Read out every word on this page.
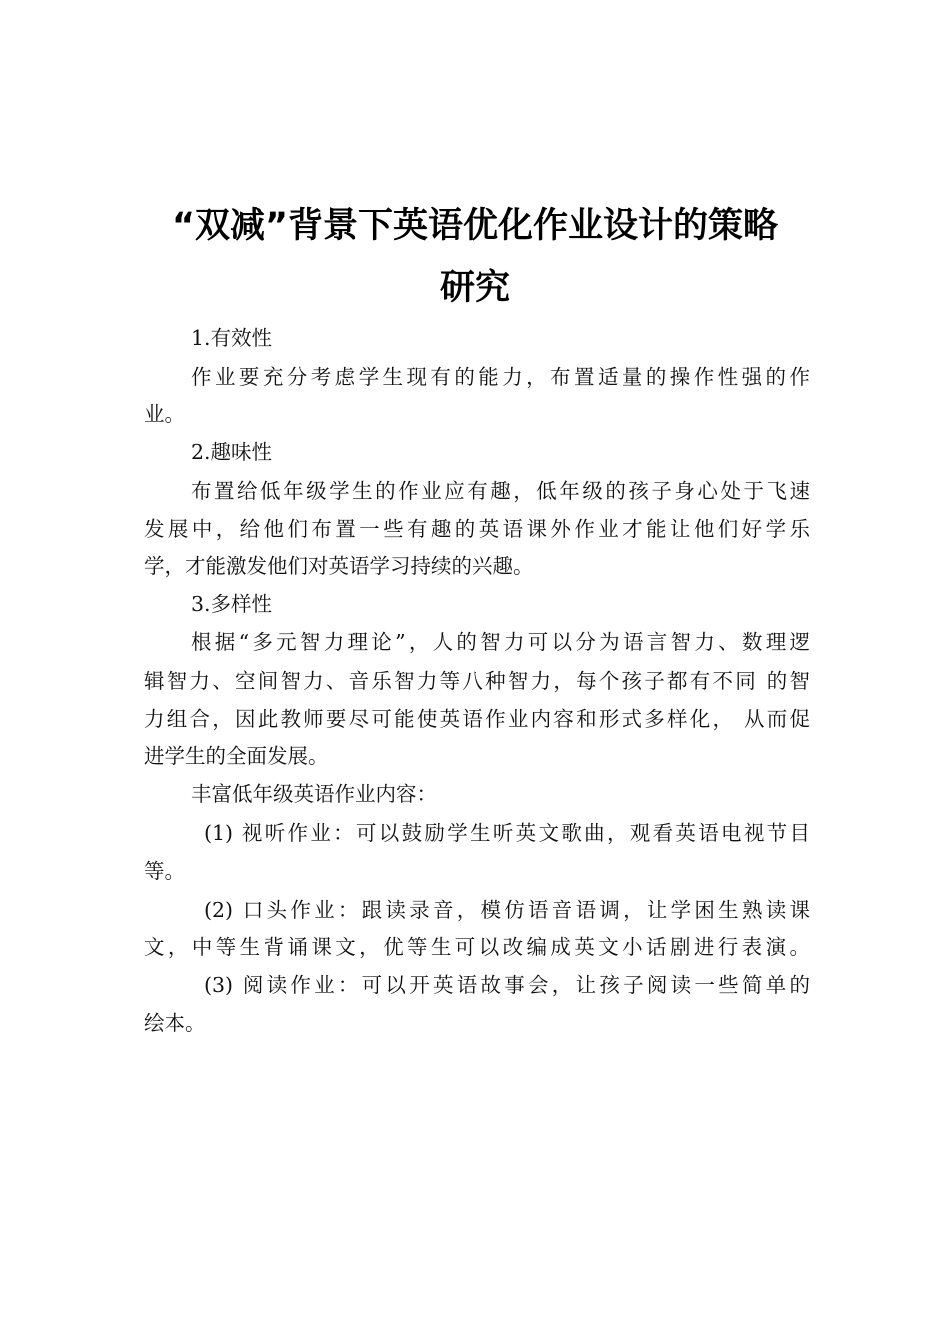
“双减”背景下英语优化作业设计的策略
研究

1.有效性

作业要充分考虑学生现有的能力，布置适量的操作性强的作

业。

2.趣味性

布置给低年级学生的作业应有趣，低年级的孩子身心处于飞速

发展中，给他们布置一些有趣的英语课外作业才能让他们好学乐

学，才能激发他们对英语学习持续的兴趣。

3.多样性

根据“多元智力理论”，人的智力可以分为语言智力、数理逻

辑智力、空间智力、音乐智力等八种智力，每个孩子都有不同 的智

力组合，因此教师要尽可能使英语作业内容和形式多样化， 从而促

进学生的全面发展。

丰富低年级英语作业内容：

(1) 视听作业：可以鼓励学生听英文歌曲，观看英语电视节目

等。

(2) 口头作业：跟读录音，模仿语音语调，让学困生熟读课

文，中等生背诵课文，优等生可以改编成英文小话剧进行表演。

(3) 阅读作业：可以开英语故事会，让孩子阅读一些简单的

绘本。
